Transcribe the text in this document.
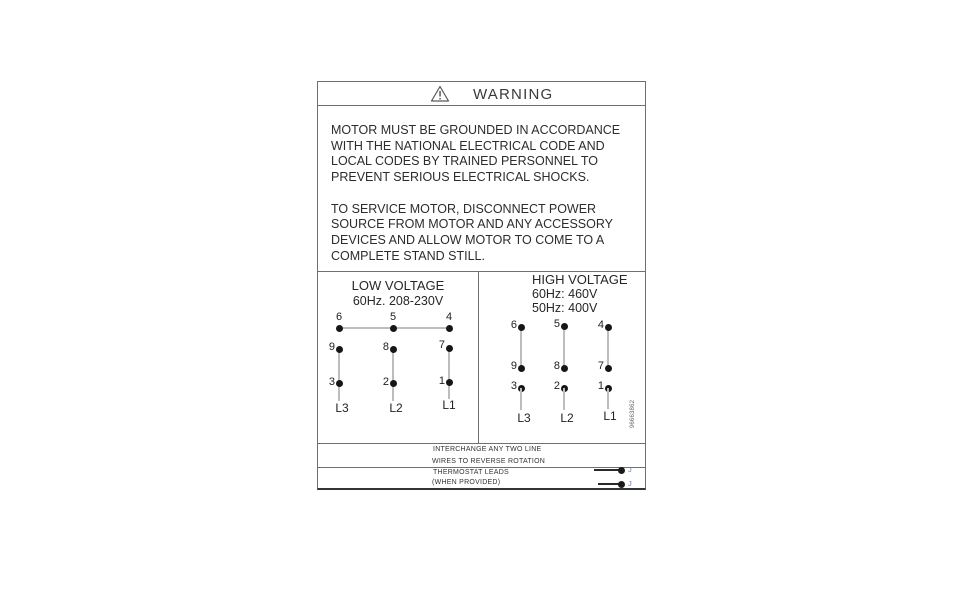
WARNING
MOTOR MUST BE GROUNDED IN ACCORDANCE
WITH THE NATIONAL ELECTRICAL CODE AND
LOCAL CODES BY TRAINED PERSONNEL TO
PREVENT SERIOUS ELECTRICAL SHOCKS.
TO SERVICE MOTOR, DISCONNECT POWER
SOURCE FROM MOTOR AND ANY ACCESSORY
DEVICES AND ALLOW MOTOR TO COME TO A
COMPLETE STAND STILL.
LOW VOLTAGE
60Hz. 208-230V
6
9
3
L3
5
8
2
L2
4
7
1
L1
HIGH VOLTAGE
60Hz: 460V
50Hz: 400V
6
9
3
L3
5
8
2
L2
4
7
1
L1	96663862
INTERCHANGE ANY TWO LINE
WIRES TO REVERSE ROTATION
THERMOSTAT LEADS
(WHEN PROVIDED)
J
J
